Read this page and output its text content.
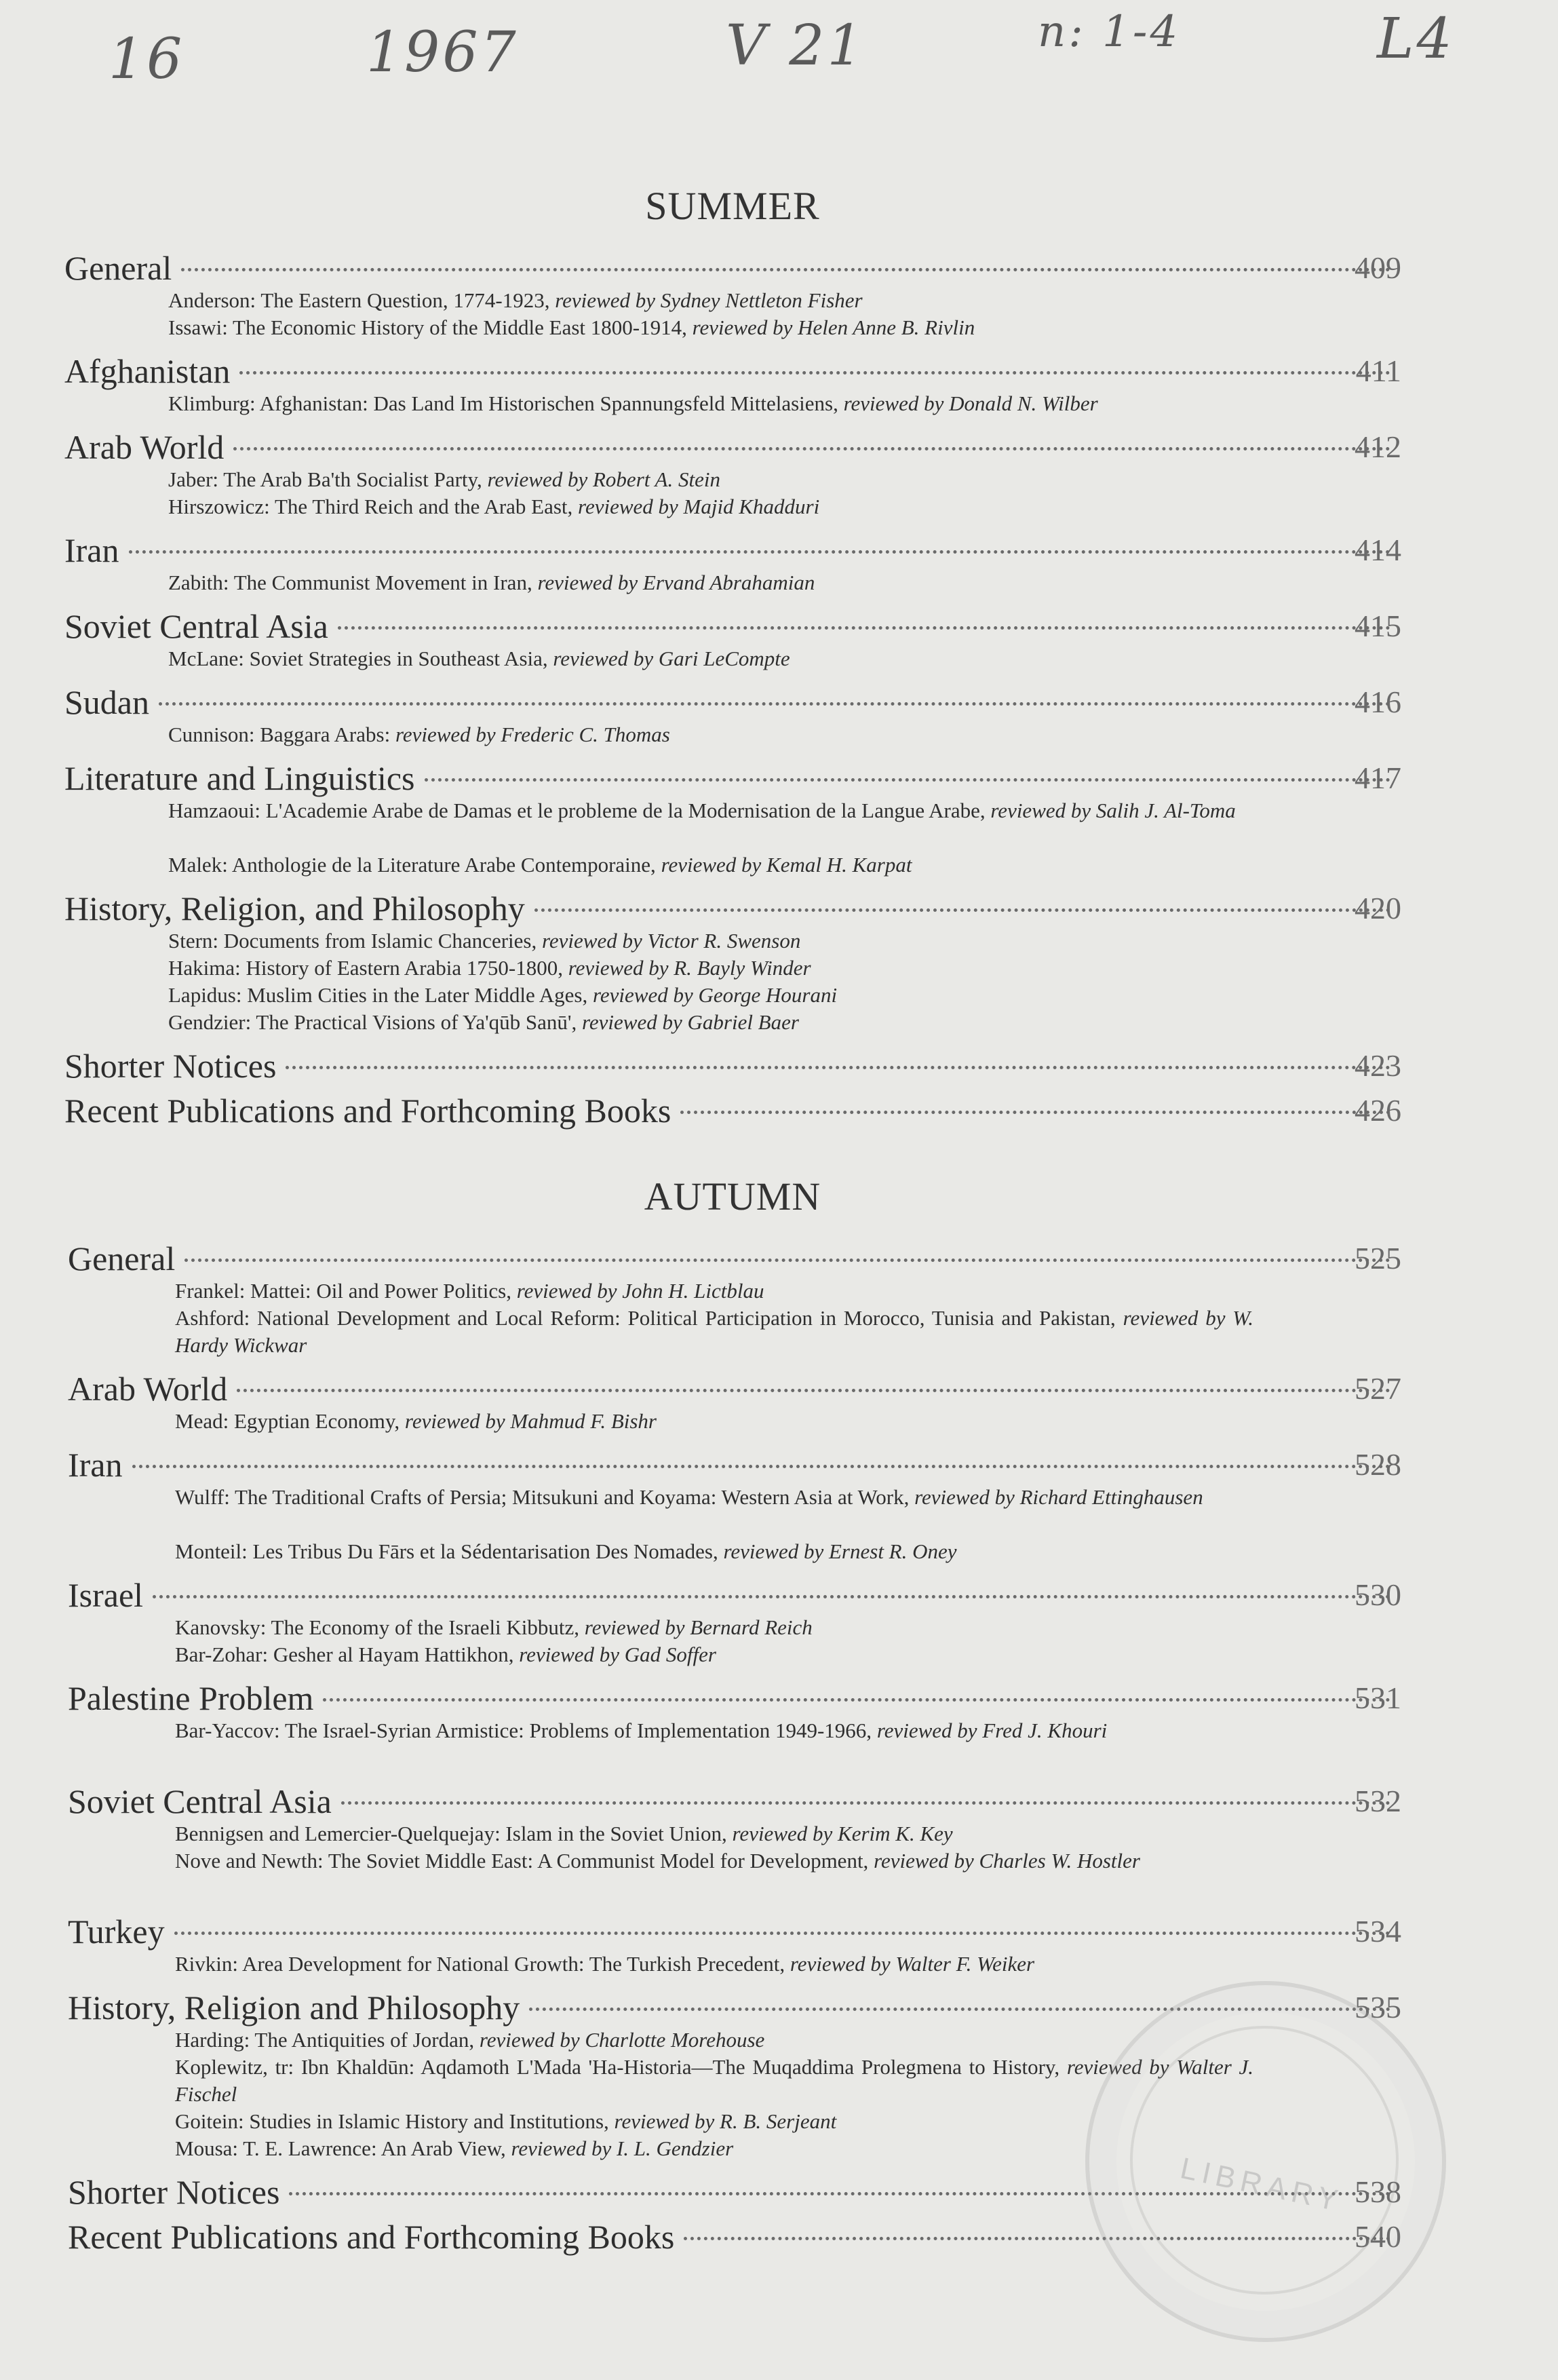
16	1967	V 21	n: 1-4	L4
SUMMER
General	409
Anderson: The Eastern Question, 1774-1923, reviewed by Sydney Nettleton Fisher
Issawi: The Economic History of the Middle East 1800-1914, reviewed by Helen Anne B. Rivlin
Afghanistan	411
Klimburg: Afghanistan: Das Land Im Historischen Spannungsfeld Mittelasiens, reviewed by Donald N. Wilber
Arab World	412
Jaber: The Arab Ba'th Socialist Party, reviewed by Robert A. Stein
Hirszowicz: The Third Reich and the Arab East, reviewed by Majid Khadduri
Iran	414
Zabith: The Communist Movement in Iran, reviewed by Ervand Abrahamian
Soviet Central Asia	415
McLane: Soviet Strategies in Southeast Asia, reviewed by Gari LeCompte
Sudan	416
Cunnison: Baggara Arabs: reviewed by Frederic C. Thomas
Literature and Linguistics	417
Hamzaoui: L'Academie Arabe de Damas et le probleme de la Modernisation de la Langue Arabe, reviewed by Salih J. Al-Toma
Malek: Anthologie de la Literature Arabe Contemporaine, reviewed by Kemal H. Karpat
History, Religion, and Philosophy	420
Stern: Documents from Islamic Chanceries, reviewed by Victor R. Swenson
Hakima: History of Eastern Arabia 1750-1800, reviewed by R. Bayly Winder
Lapidus: Muslim Cities in the Later Middle Ages, reviewed by George Hourani
Gendzier: The Practical Visions of Ya'qūb Sanū', reviewed by Gabriel Baer
Shorter Notices	423
Recent Publications and Forthcoming Books	426
AUTUMN
General	525
Frankel: Mattei: Oil and Power Politics, reviewed by John H. Lictblau
Ashford: National Development and Local Reform: Political Participation in Morocco, Tunisia and Pakistan, reviewed by W. Hardy Wickwar
Arab World	527
Mead: Egyptian Economy, reviewed by Mahmud F. Bishr
Iran	528
Wulff: The Traditional Crafts of Persia; Mitsukuni and Koyama: Western Asia at Work, reviewed by Richard Ettinghausen
Monteil: Les Tribus Du Fārs et la Sédentarisation Des Nomades, reviewed by Ernest R. Oney
Israel	530
Kanovsky: The Economy of the Israeli Kibbutz, reviewed by Bernard Reich
Bar-Zohar: Gesher al Hayam Hattikhon, reviewed by Gad Soffer
Palestine Problem	531
Bar-Yaccov: The Israel-Syrian Armistice: Problems of Implementation 1949-1966, reviewed by Fred J. Khouri
Soviet Central Asia	532
Bennigsen and Lemercier-Quelquejay: Islam in the Soviet Union, reviewed by Kerim K. Key
Nove and Newth: The Soviet Middle East: A Communist Model for Development, reviewed by Charles W. Hostler
Turkey	534
Rivkin: Area Development for National Growth: The Turkish Precedent, reviewed by Walter F. Weiker
History, Religion and Philosophy	535
Harding: The Antiquities of Jordan, reviewed by Charlotte Morehouse
Koplewitz, tr: Ibn Khaldūn: Aqdamoth L'Mada 'Ha-Historia—The Muqaddima Prolegmena to History, reviewed by Walter J. Fischel
Goitein: Studies in Islamic History and Institutions, reviewed by R. B. Serjeant
Mousa: T. E. Lawrence: An Arab View, reviewed by I. L. Gendzier
Shorter Notices	538
Recent Publications and Forthcoming Books	540
LIBRARY
